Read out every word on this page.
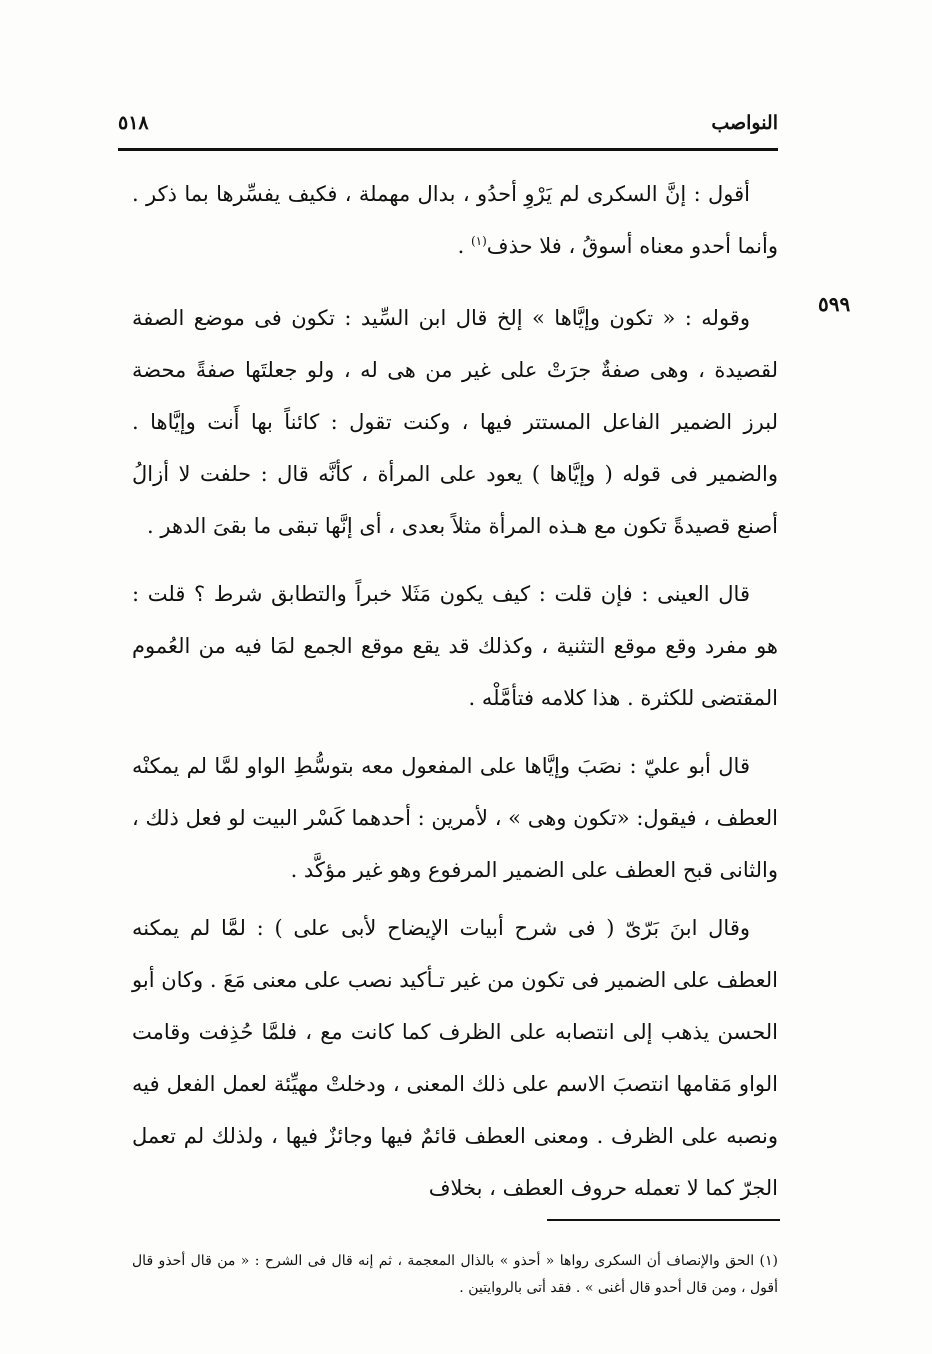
النواصب
٥١٨
٥٩٩

أقول : إنَّ السكرى لم يَرْوِ أحدُو ، بدال مهملة ، فكيف يفسِّرها بما ذكر . وأنما أحدو معناه أسوقُ ، فلا حذف$^{(١)}$ .

وقوله : « تكون وإيَّاها » إلخ قال ابن السِّيد : تكون فى موضع الصفة لقصيدة ، وهى صفةٌ جرَتْ على غير من هى له ، ولو جعلتَها صفةً محضة لبرز الضمير الفاعل المستتر فيها ، وكنت تقول : كائناً بها أَنت وإيَّاها . والضمير فى قوله ( وإيَّاها ) يعود على المرأة ، كأنَّه قال : حلفت لا أزالُ أصنع قصيدةً تكون مع هـذه المرأة مثلاً بعدى ، أى إنَّها تبقى ما بقىَ الدهر .

قال العينى : فإن قلت : كيف يكون مَثَلا خبراً والتطابق شرط ؟ قلت : هو مفرد وقع موقع التثنية ، وكذلك قد يقع موقع الجمع لمَا فيه من العُموم المقتضى للكثرة . هذا كلامه فتأمَّلْه .

قال أبو عليّ : نصَبَ وإيَّاها على المفعول معه بتوسُّطِ الواو لمَّا لم يمكنْه العطف ، فيقول: «تكون وهى » ، لأمرين : أحدهما كَسْر البيت لو فعل ذلك ، والثانى قبح العطف على الضمير المرفوع وهو غير مؤكَّد .

وقال ابنَ بَرّىّ ( فى شرح أبيات الإيضاح لأبى على ) : لمَّا لم يمكنه العطف على الضمير فى تكون من غير تـأكيد نصب على معنى مَعَ . وكان أبو الحسن يذهب إلى انتصابه على الظرف كما كانت مع ، فلمَّا حُذِفت وقامت الواو مَقامها انتصبَ الاسم على ذلك المعنى ، ودخلتْ مهيِّئة لعمل الفعل فيه ونصبه على الظرف . ومعنى العطف قائمٌ فيها وجائزٌ فيها ، ولذلك لم تعمل الجرّ كما لا تعمله حروف العطف ، بخلاف

(١) الحق والإنصاف أن السكرى رواها « أحذو » بالذال المعجمة ، ثم إنه قال فى الشرح : « من قال أحذو قال أقول ، ومن قال أحدو قال أغنى » . فقد أتى بالروايتين .
